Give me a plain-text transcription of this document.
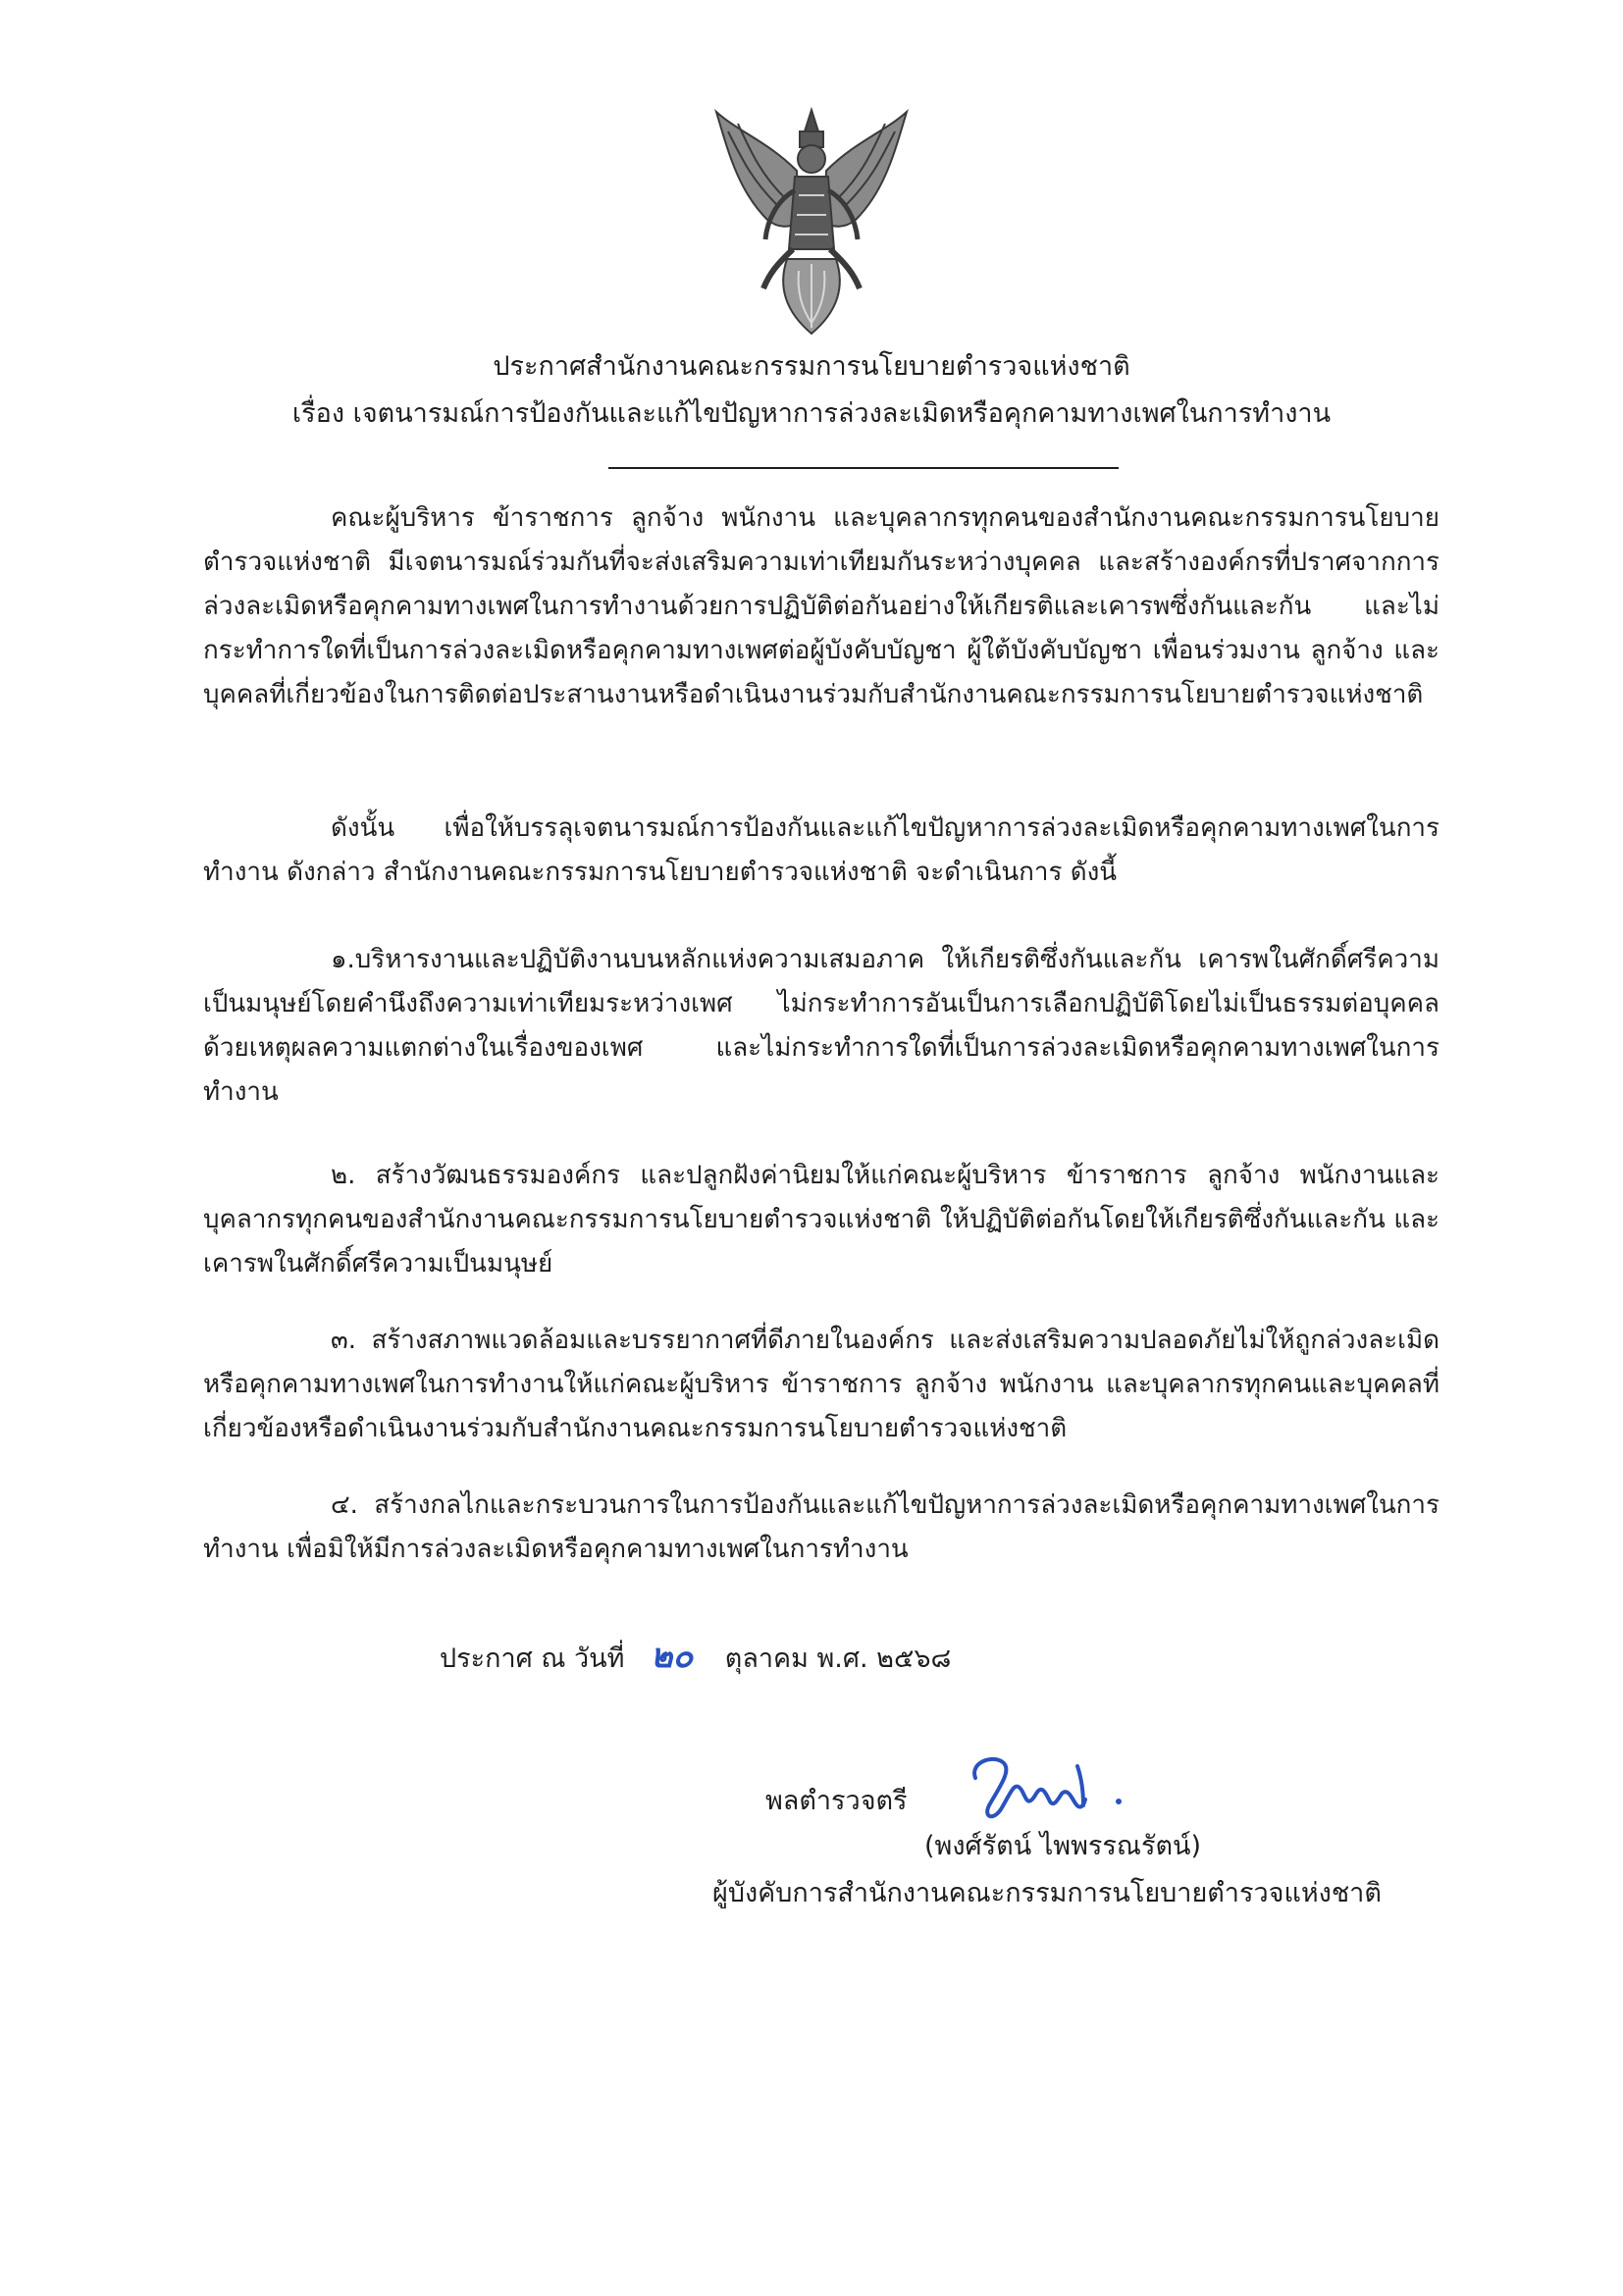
ประกาศสำนักงานคณะกรรมการนโยบายตำรวจแห่งชาติ
เรื่อง เจตนารมณ์การป้องกันและแก้ไขปัญหาการล่วงละเมิดหรือคุกคามทางเพศในการทำงาน

คณะผู้บริหาร ข้าราชการ ลูกจ้าง พนักงาน และบุคลากรทุกคนของสำนักงานคณะกรรมการนโยบายตำรวจแห่งชาติ มีเจตนารมณ์ร่วมกันที่จะส่งเสริมความเท่าเทียมกันระหว่างบุคคล และสร้างองค์กรที่ปราศจากการล่วงละเมิดหรือคุกคามทางเพศในการทำงานด้วยการปฏิบัติต่อกันอย่างให้เกียรติและเคารพซึ่งกันและกัน และไม่กระทำการใดที่เป็นการล่วงละเมิดหรือคุกคามทางเพศต่อผู้บังคับบัญชา ผู้ใต้บังคับบัญชา เพื่อนร่วมงาน ลูกจ้าง และบุคคลที่เกี่ยวข้องในการติดต่อประสานงานหรือดำเนินงานร่วมกับสำนักงานคณะกรรมการนโยบายตำรวจแห่งชาติ

ดังนั้น เพื่อให้บรรลุเจตนารมณ์การป้องกันและแก้ไขปัญหาการล่วงละเมิดหรือคุกคามทางเพศในการทำงาน ดังกล่าว สำนักงานคณะกรรมการนโยบายตำรวจแห่งชาติ จะดำเนินการ ดังนี้

๑.บริหารงานและปฏิบัติงานบนหลักแห่งความเสมอภาค ให้เกียรติซึ่งกันและกัน เคารพในศักดิ์ศรีความเป็นมนุษย์โดยคำนึงถึงความเท่าเทียมระหว่างเพศ ไม่กระทำการอันเป็นการเลือกปฏิบัติโดยไม่เป็นธรรมต่อบุคคลด้วยเหตุผลความแตกต่างในเรื่องของเพศ และไม่กระทำการใดที่เป็นการล่วงละเมิดหรือคุกคามทางเพศในการทำงาน

๒. สร้างวัฒนธรรมองค์กร และปลูกฝังค่านิยมให้แก่คณะผู้บริหาร ข้าราชการ ลูกจ้าง พนักงานและบุคลากรทุกคนของสำนักงานคณะกรรมการนโยบายตำรวจแห่งชาติ ให้ปฏิบัติต่อกันโดยให้เกียรติซึ่งกันและกัน และเคารพในศักดิ์ศรีความเป็นมนุษย์

๓. สร้างสภาพแวดล้อมและบรรยากาศที่ดีภายในองค์กร และส่งเสริมความปลอดภัยไม่ให้ถูกล่วงละเมิดหรือคุกคามทางเพศในการทำงานให้แก่คณะผู้บริหาร ข้าราชการ ลูกจ้าง พนักงาน และบุคลากรทุกคนและบุคคลที่เกี่ยวข้องหรือดำเนินงานร่วมกับสำนักงานคณะกรรมการนโยบายตำรวจแห่งชาติ

๔. สร้างกลไกและกระบวนการในการป้องกันและแก้ไขปัญหาการล่วงละเมิดหรือคุกคามทางเพศในการทำงาน เพื่อมิให้มีการล่วงละเมิดหรือคุกคามทางเพศในการทำงาน

ประกาศ ณ วันที่ ๒๐ ตุลาคม พ.ศ. ๒๕๖๘
พลตำรวจตรี
(พงศ์รัตน์ ไพพรรณรัตน์)
ผู้บังคับการสำนักงานคณะกรรมการนโยบายตำรวจแห่งชาติ
